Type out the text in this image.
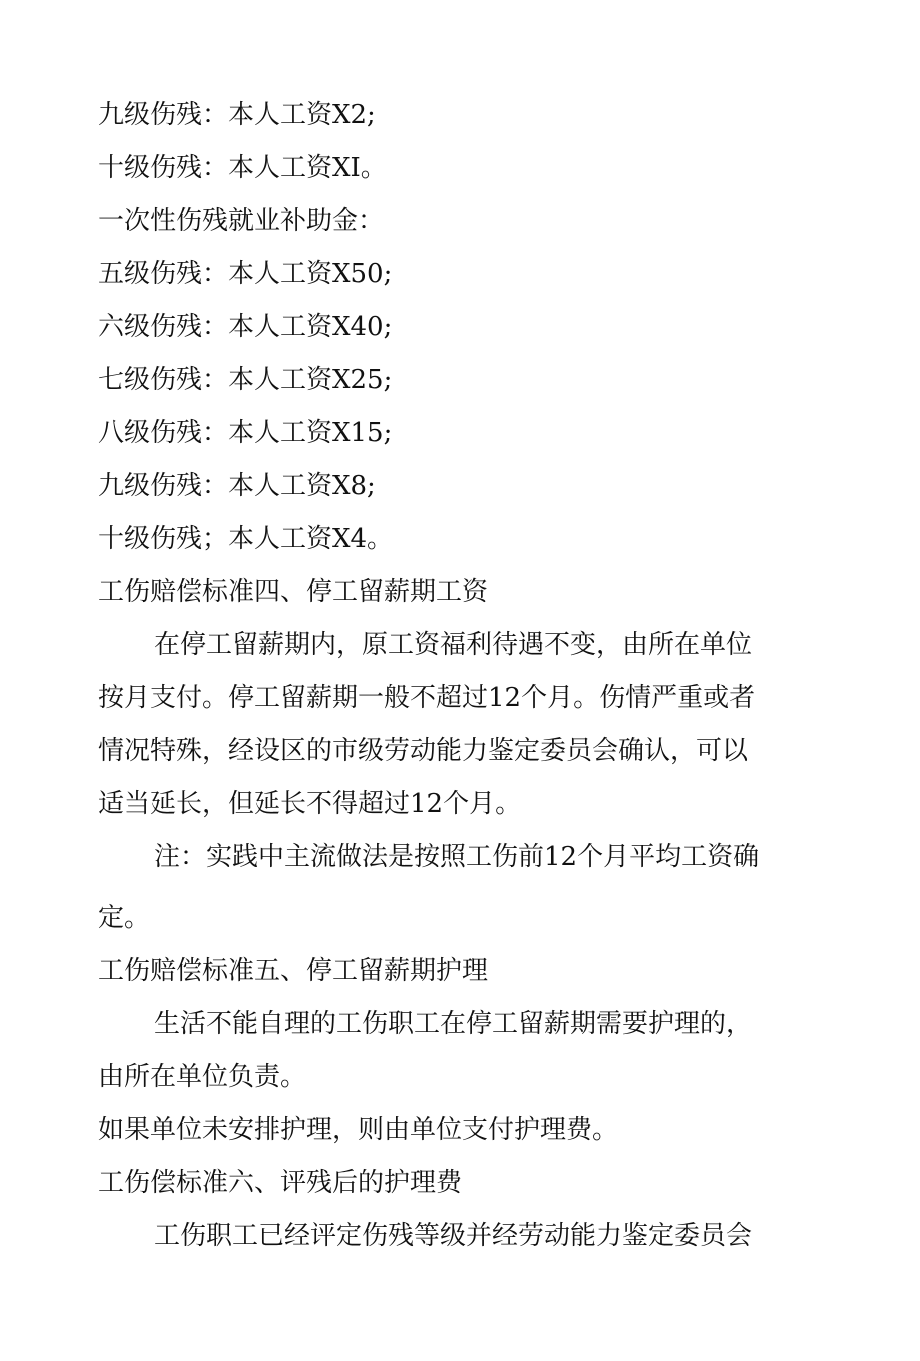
九级伤残：本人工资X2;
十级伤残：本人工资XI。
一次性伤残就业补助金：
五级伤残：本人工资X50;
六级伤残：本人工资X40;
七级伤残：本人工资X25;
八级伤残：本人工资X15;
九级伤残：本人工资X8;
十级伤残；本人工资X4。
工伤赔偿标准四、停工留薪期工资
在停工留薪期内，原工资福利待遇不变，由所在单位
按月支付。停工留薪期一般不超过12个月。伤情严重或者
情况特殊，经设区的市级劳动能力鉴定委员会确认，可以
适当延长，但延长不得超过12个月。
注：实践中主流做法是按照工伤前12个月平均工资确
定。
工伤赔偿标准五、停工留薪期护理
生活不能自理的工伤职工在停工留薪期需要护理的，
由所在单位负责。
如果单位未安排护理，则由单位支付护理费。
工伤偿标准六、评残后的护理费
工伤职工已经评定伤残等级并经劳动能力鉴定委员会
